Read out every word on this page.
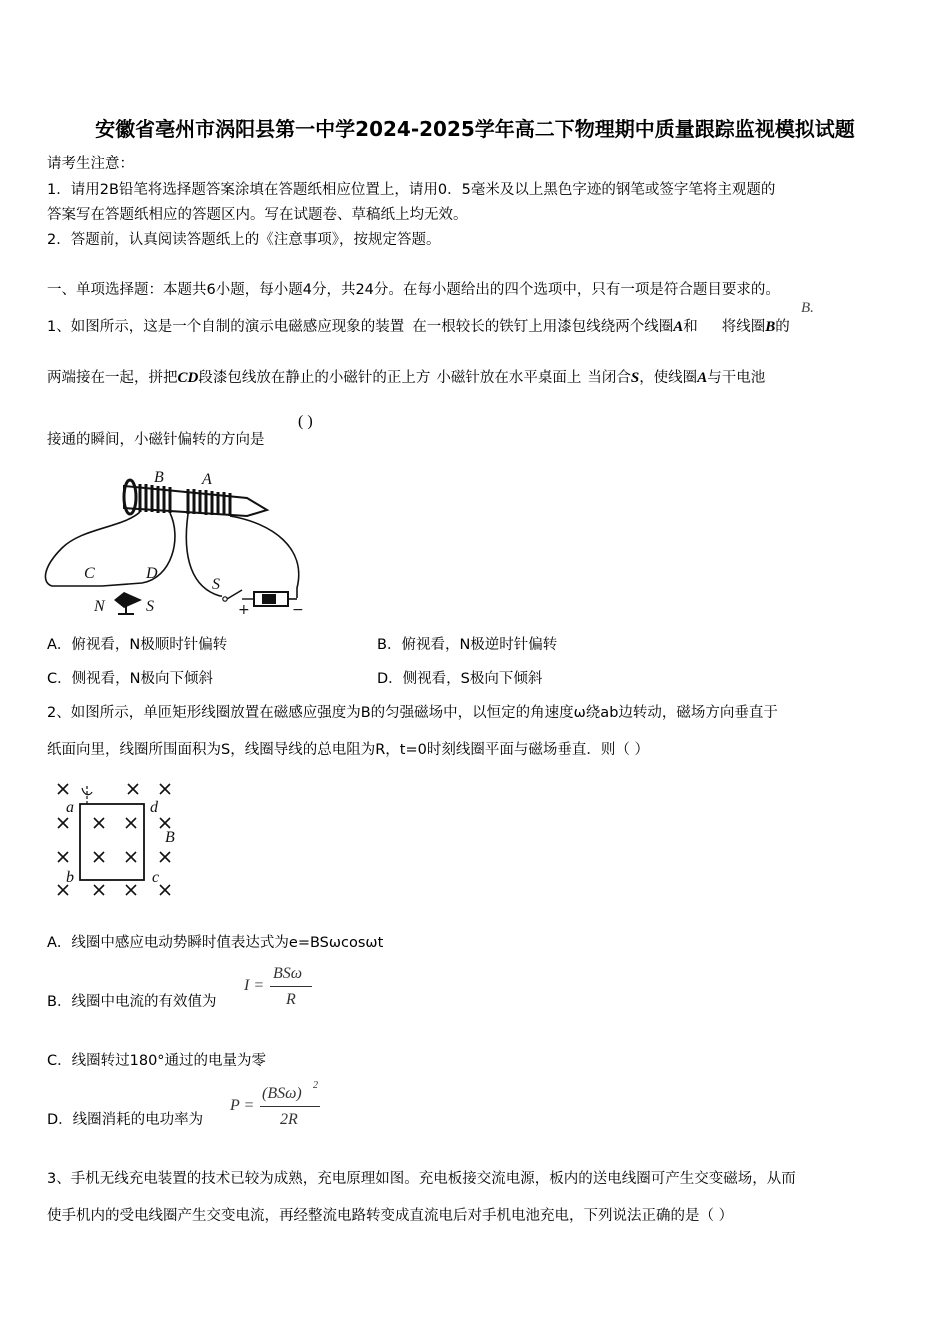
安徽省亳州市涡阳县第一中学2024-2025学年高二下物理期中质量跟踪监视模拟试题
请考生注意：
1．请用2B铅笔将选择题答案涂填在答题纸相应位置上，请用0．5毫米及以上黑色字迹的钢笔或签字笔将主观题的
答案写在答题纸相应的答题区内。写在试题卷、草稿纸上均无效。
2．答题前，认真阅读答题纸上的《注意事项》，按规定答题。
一、单项选择题：本题共6小题，每小题4分，共24分。在每小题给出的四个选项中，只有一项是符合题目要求的。
1、如图所示，这是一个自制的演示电磁感应现象的装置 在一根较长的铁钉上用漆包线绕两个线圈A和 将线圈B的
B.
两端接在一起，拼把CD段漆包线放在静止的小磁针的正上方 小磁针放在水平桌面上 当闭合S，使线圈A与干电池
接通的瞬间，小磁针偏转的方向是
( )
B A
C	D
S
N	S	+	−
A．俯视看，N极顺时针偏转	B．俯视看，N极逆时针偏转
C．侧视看，N极向下倾斜	D．侧视看，S极向下倾斜
2、如图所示，单匝矩形线圈放置在磁感应强度为B的匀强磁场中，以恒定的角速度ω绕ab边转动，磁场方向垂直于
纸面向里，线圈所围面积为S，线圈导线的总电阻为R，t=0时刻线圈平面与磁场垂直．则（ ）
a	d
B
b	c
A．线圈中感应电动势瞬时值表达式为e=BSωcosωt
B．线圈中电流的有效值为
I =
BSω
R
C．线圈转过180°通过的电量为零
D．线圈消耗的电功率为
P =
(BSω) 2
2R
3、手机无线充电装置的技术已较为成熟，充电原理如图。充电板接交流电源，板内的送电线圈可产生交变磁场，从而
使手机内的受电线圈产生交变电流，再经整流电路转变成直流电后对手机电池充电，下列说法正确的是（ ）
